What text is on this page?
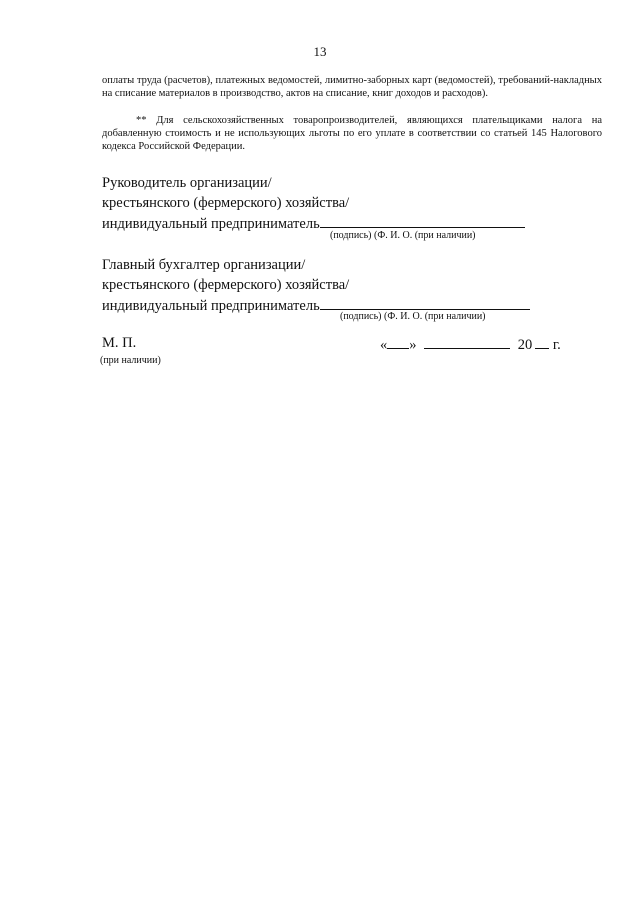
13

оплаты труда (расчетов), платежных ведомостей, лимитно-заборных карт (ведомостей), требований-накладных на списание материалов в производство, актов на списание, книг доходов и расходов).

** Для сельскохозяйственных товаропроизводителей, являющихся плательщиками налога на добавленную стоимость и не использующих льготы по его уплате в соответствии со статьей 145 Налогового кодекса Российской Федерации.

Руководитель организации/
крестьянского (фермерского) хозяйства/
индивидуальный предприниматель
(подпись) (Ф. И. О. (при наличии)
Главный бухгалтер организации/
крестьянского (фермерского) хозяйства/
индивидуальный предприниматель
(подпись) (Ф. И. О. (при наличии)
М. П.
(при наличии)
« »	20 г.
